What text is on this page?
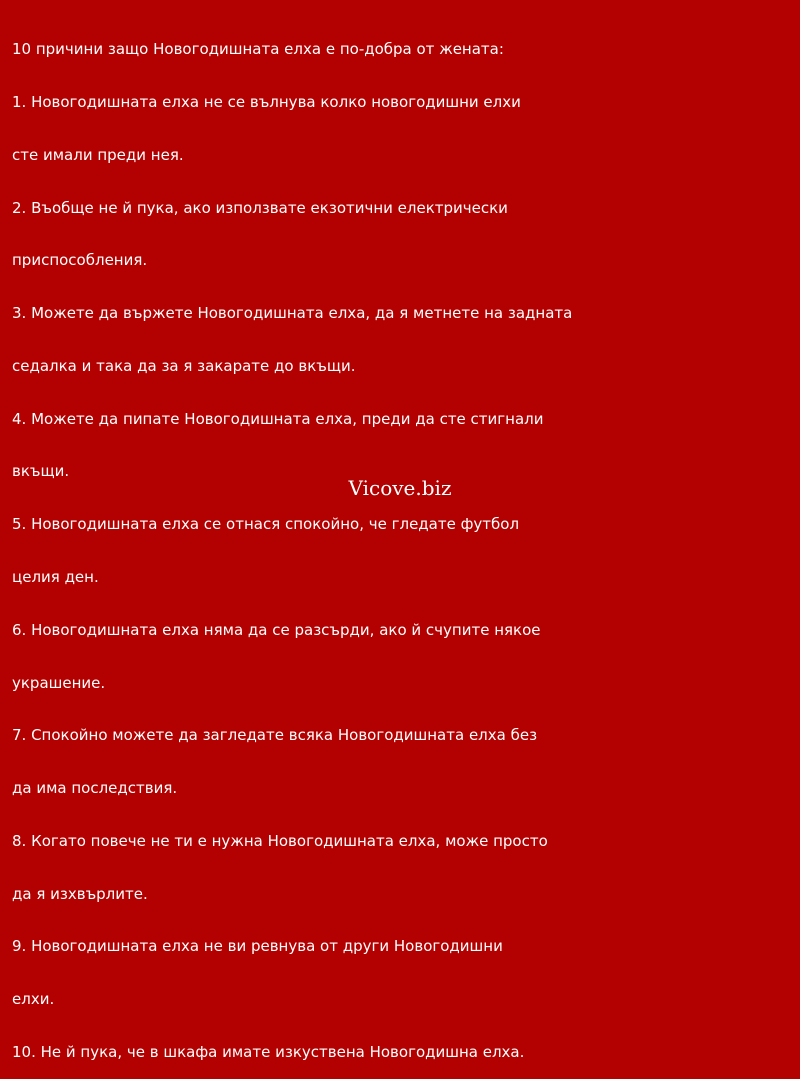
10 причини защо Новогодишната елха е по-добра от жената:

1. Новогодишната елха не се вълнува колко новогодишни елхи

сте имали преди нея.

2. Въобще не й пука, ако използвате екзотични електрически

приспособления.

3. Можете да вържете Новогодишната елха, да я метнете на задната

седалка и така да за я закарате до вкъщи.

4. Можете да пипате Новогодишната елха, преди да сте стигнали

вкъщи.

5. Новогодишната елха се отнася спокойно, че гледате футбол

целия ден.

6. Новогодишната елха няма да се разсърди, ако й счупите някое

украшение.

7. Спокойно можете да загледате всяка Новогодишната елха без

да има последствия.

8. Когато повече не ти е нужна Новогодишната елха, може просто

да я изхвърлите.

9. Новогодишната елха не ви ревнува от други Новогодишни

елхи.

10. Не й пука, че в шкафа имате изкуствена Новогодишна елха.

Vicove.biz
